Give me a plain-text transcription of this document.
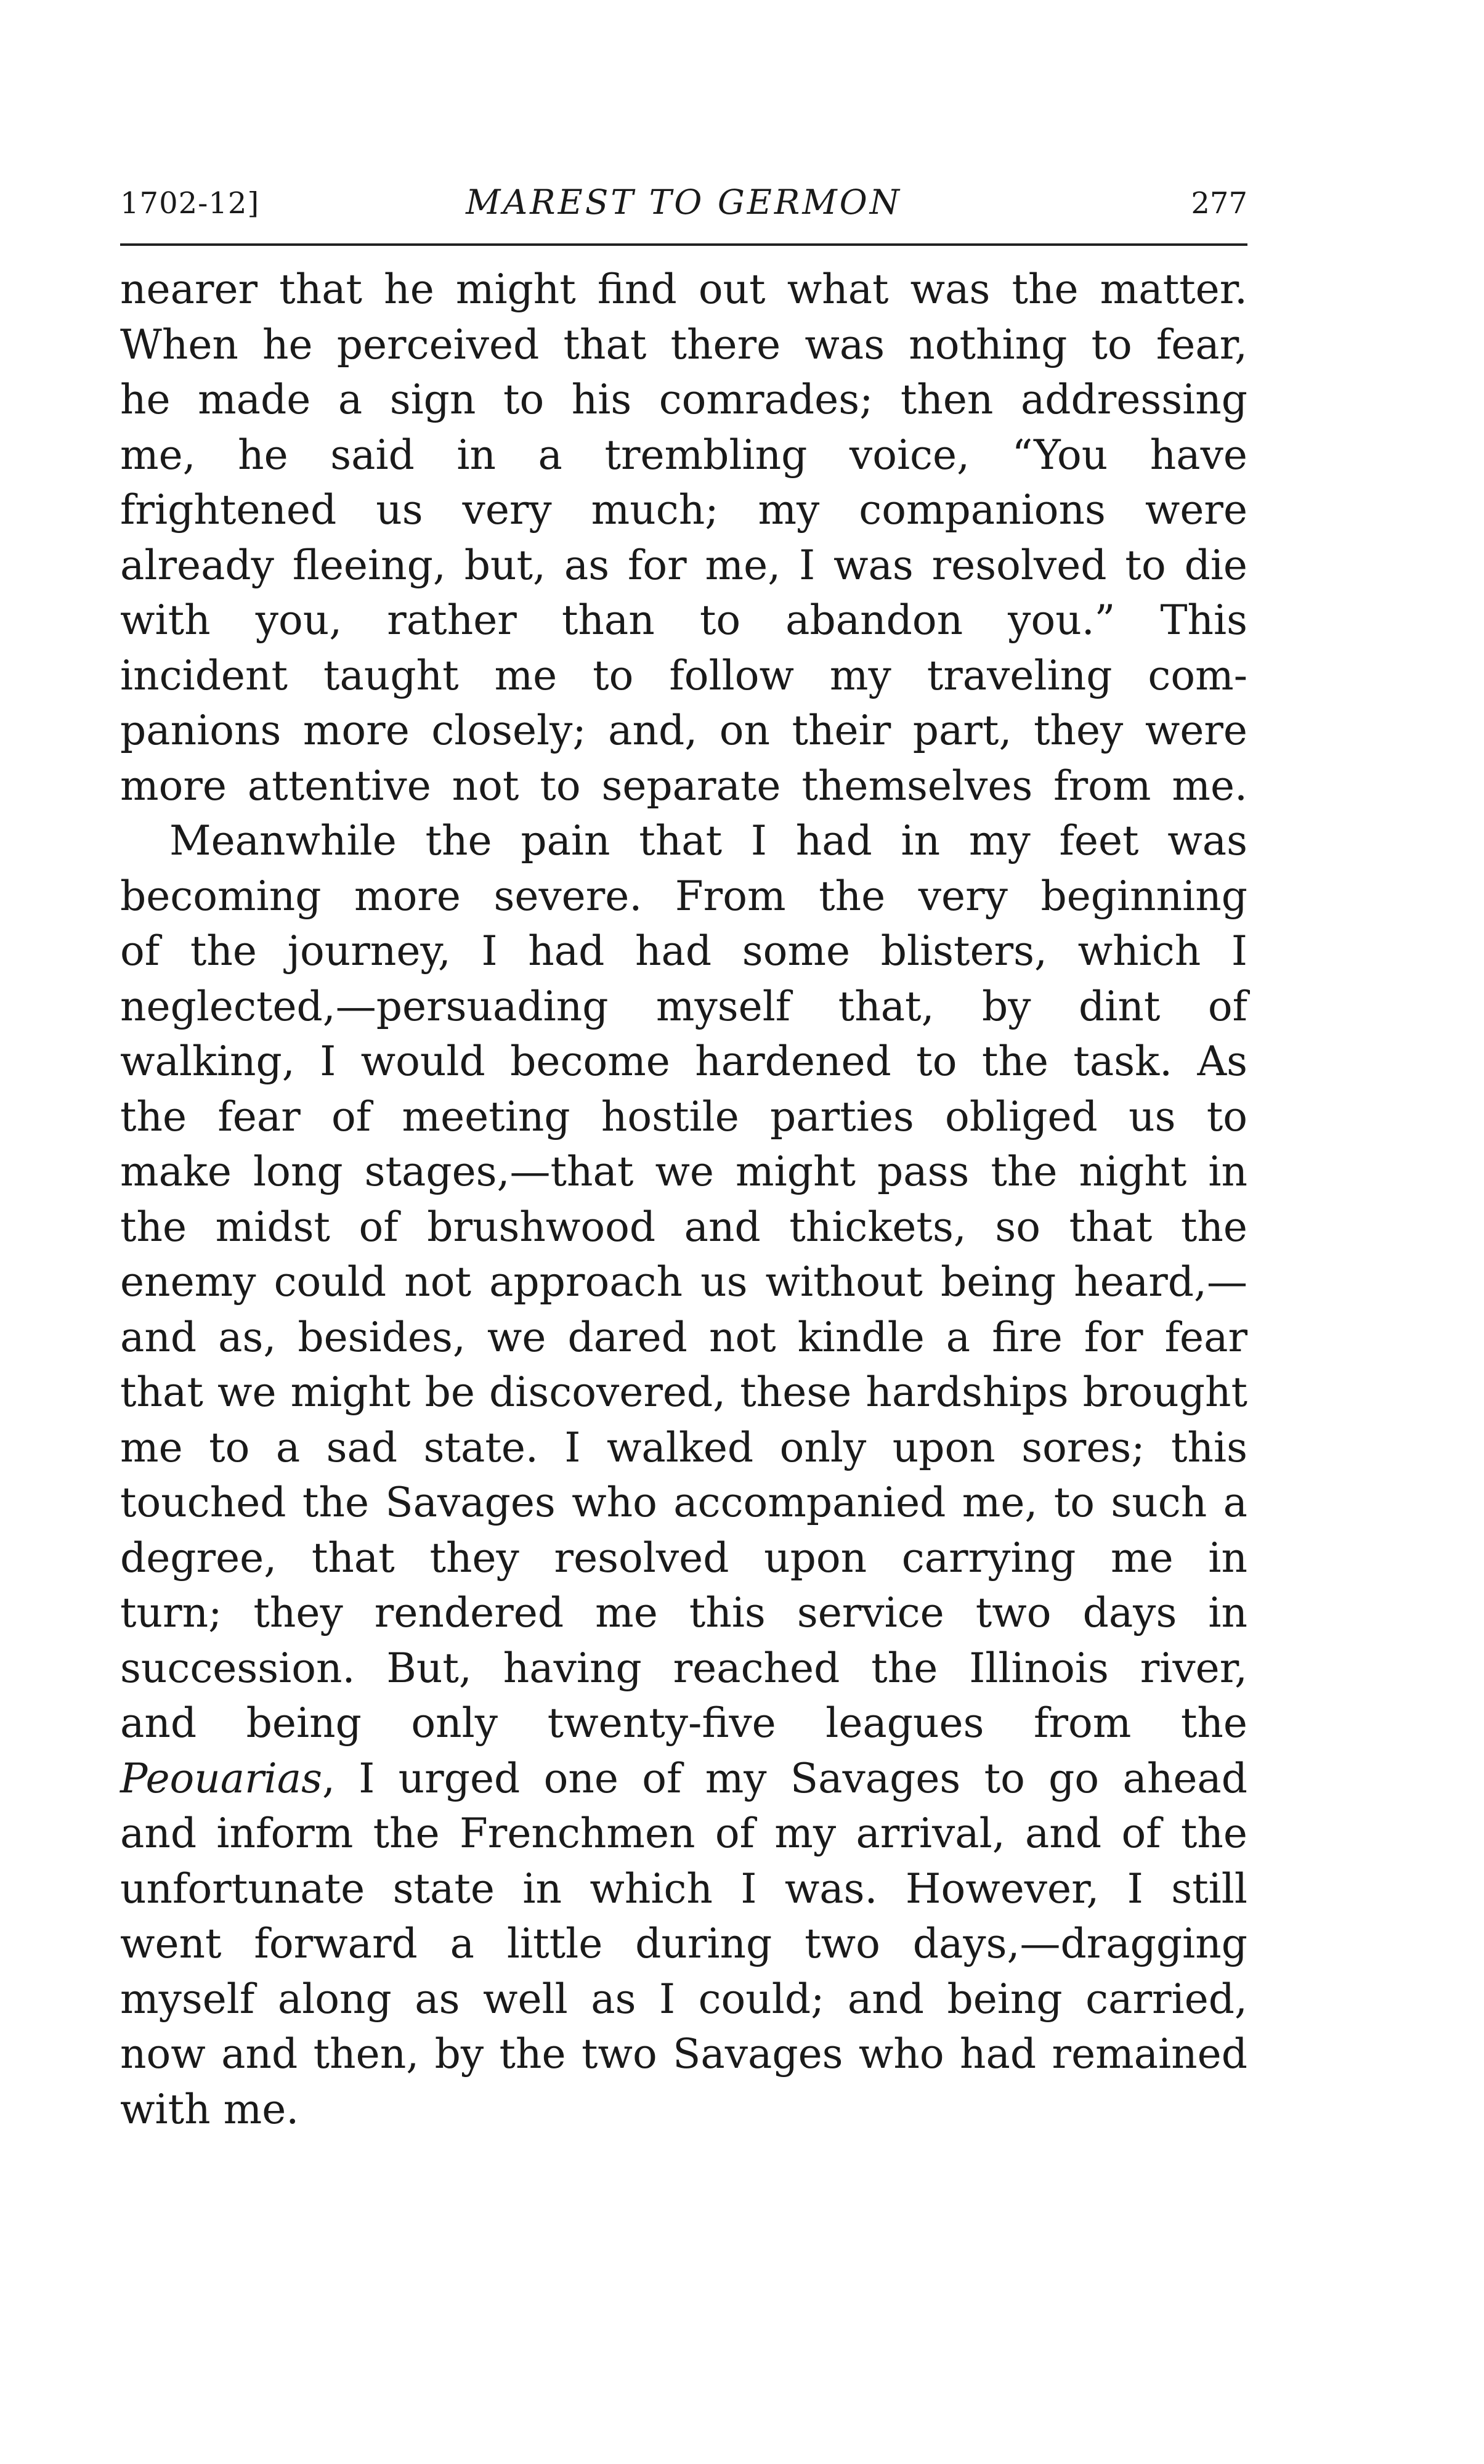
1702-12]	MAREST TO GERMON	277
nearer that he might find out what was the matter.
When he perceived that there was nothing to fear,
he made a sign to his comrades; then addressing
me, he said in a trembling voice, “You have
frightened us very much; my companions were
already fleeing, but, as for me, I was resolved to die
with you, rather than to abandon you.” This
incident taught me to follow my traveling com-
panions more closely; and, on their part, they were
more attentive not to separate themselves from me.
Meanwhile the pain that I had in my feet was
becoming more severe. From the very beginning
of the journey, I had had some blisters, which I
neglected,—persuading myself that, by dint of
walking, I would become hardened to the task. As
the fear of meeting hostile parties obliged us to
make long stages,—that we might pass the night in
the midst of brushwood and thickets, so that the
enemy could not approach us without being heard,—
and as, besides, we dared not kindle a fire for fear
that we might be discovered, these hardships brought
me to a sad state. I walked only upon sores; this
touched the Savages who accompanied me, to such a
degree, that they resolved upon carrying me in
turn; they rendered me this service two days in
succession. But, having reached the Illinois river,
and being only twenty-five leagues from the
Peouarias, I urged one of my Savages to go ahead
and inform the Frenchmen of my arrival, and of the
unfortunate state in which I was. However, I still
went forward a little during two days,—dragging
myself along as well as I could; and being carried,
now and then, by the two Savages who had remained
with me.
